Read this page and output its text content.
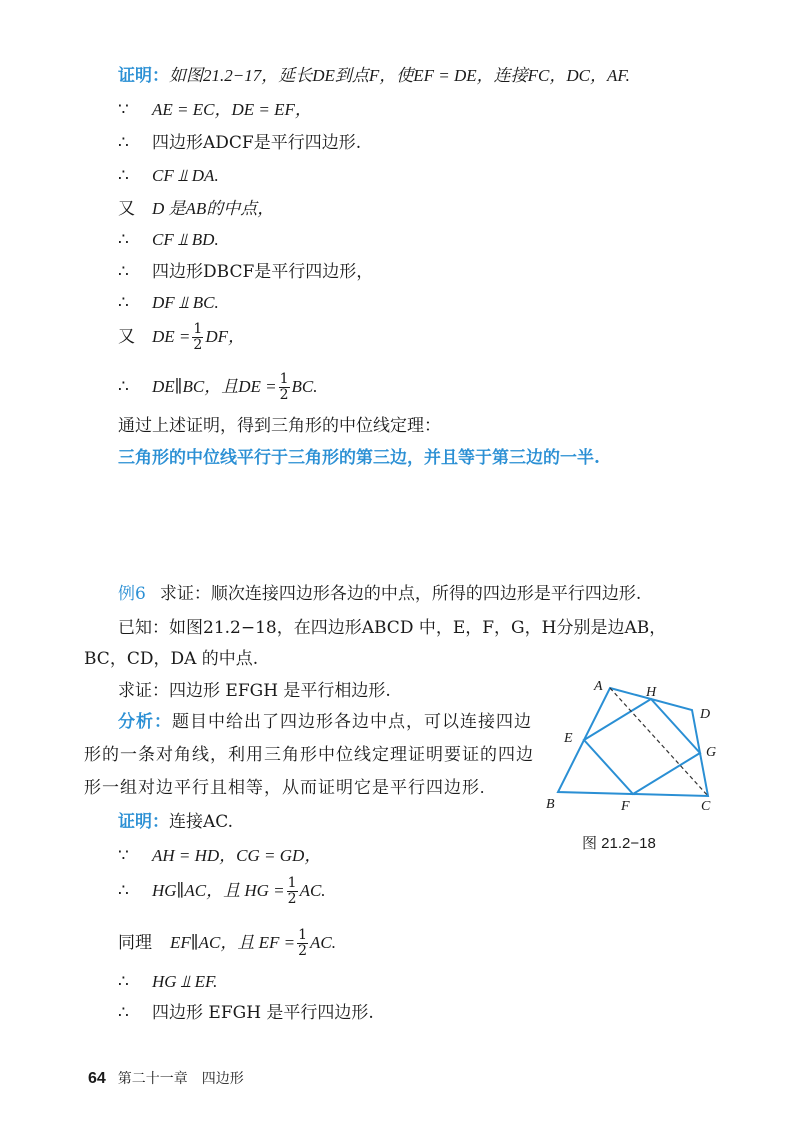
证明：如图21.2−17，延长DE到点F，使EF = DE，连接FC，DC，AF.
∵ AE = EC，DE = EF，
∴ 四边形ADCF是平行四边形.
∴ CF ⫫ DA.
又 D 是AB的中点，
∴ CF ⫫ BD.
∴ 四边形DBCF是平行四边形，
∴ DF ⫫ BC.
又 DE = $\frac{1}{2}$ DF，
∴ DE∥BC，且DE = $\frac{1}{2}$ BC.
通过上述证明，得到三角形的中位线定理：
三角形的中位线平行于三角形的第三边，并且等于第三边的一半.
例6 求证：顺次连接四边形各边的中点，所得的四边形是平行四边形.
已知：如图21.2−18，在四边形ABCD 中，E，F，G，H分别是边AB，
BC，CD，DA 的中点.
求证：四边形 EFGH 是平行相边形.
分析：题目中给出了四边形各边中点，可以连接四边
形的一条对角线，利用三角形中位线定理证明要证的四边
形一组对边平行且相等，从而证明它是平行四边形.
证明：连接AC.
∵ AH = HD，CG = GD，
∴ HG∥AC，且 HG = $\frac{1}{2}$ AC.
同理 EF∥AC，且 EF = $\frac{1}{2}$ AC.
∴ HG ⫫ EF.
∴ 四边形 EFGH 是平行四边形.
A	H
D
E
G
B	F	C
图 21.2−18
64 第二十一章　四边形
